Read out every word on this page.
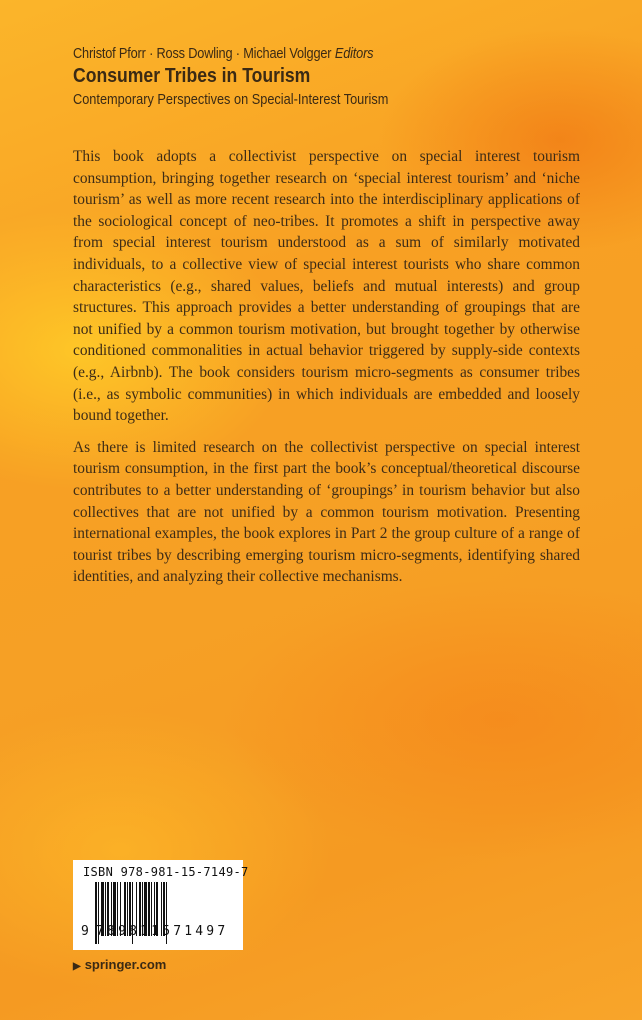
Christof Pforr · Ross Dowling · Michael Volgger Editors
Consumer Tribes in Tourism
Contemporary Perspectives on Special-Interest Tourism

This book adopts a collectivist perspective on special interest tourism consumption, bringing together research on ‘special interest tourism’ and ‘niche tourism’ as well as more recent research into the interdisciplinary applications of the sociological concept of neo-tribes. It promotes a shift in perspective away from special interest tourism understood as a sum of similarly motivated individuals, to a collective view of special interest tourists who share common characteristics (e.g., shared values, beliefs and mutual interests) and group structures. This approach provides a better understanding of groupings that are not unified by a common tourism motivation, but brought together by otherwise conditioned commonalities in actual behavior triggered by supply-side contexts (e.g., Airbnb). The book considers tourism micro-segments as consumer tribes (i.e., as symbolic communities) in which individuals are embedded and loosely bound together.

As there is limited research on the collectivist perspective on special interest tourism consumption, in the first part the book’s conceptual/theoretical discourse contributes to a better understanding of ‘groupings’ in tourism behavior but also collectives that are not unified by a common tourism motivation. Presenting international examples, the book explores in Part 2 the group culture of a range of tourist tribes by describing emerging tourism micro-segments, identifying shared identities, and analyzing their collective mechanisms.

ISBN 978-981-15-7149-7
9 789811571497
▶ springer.com
